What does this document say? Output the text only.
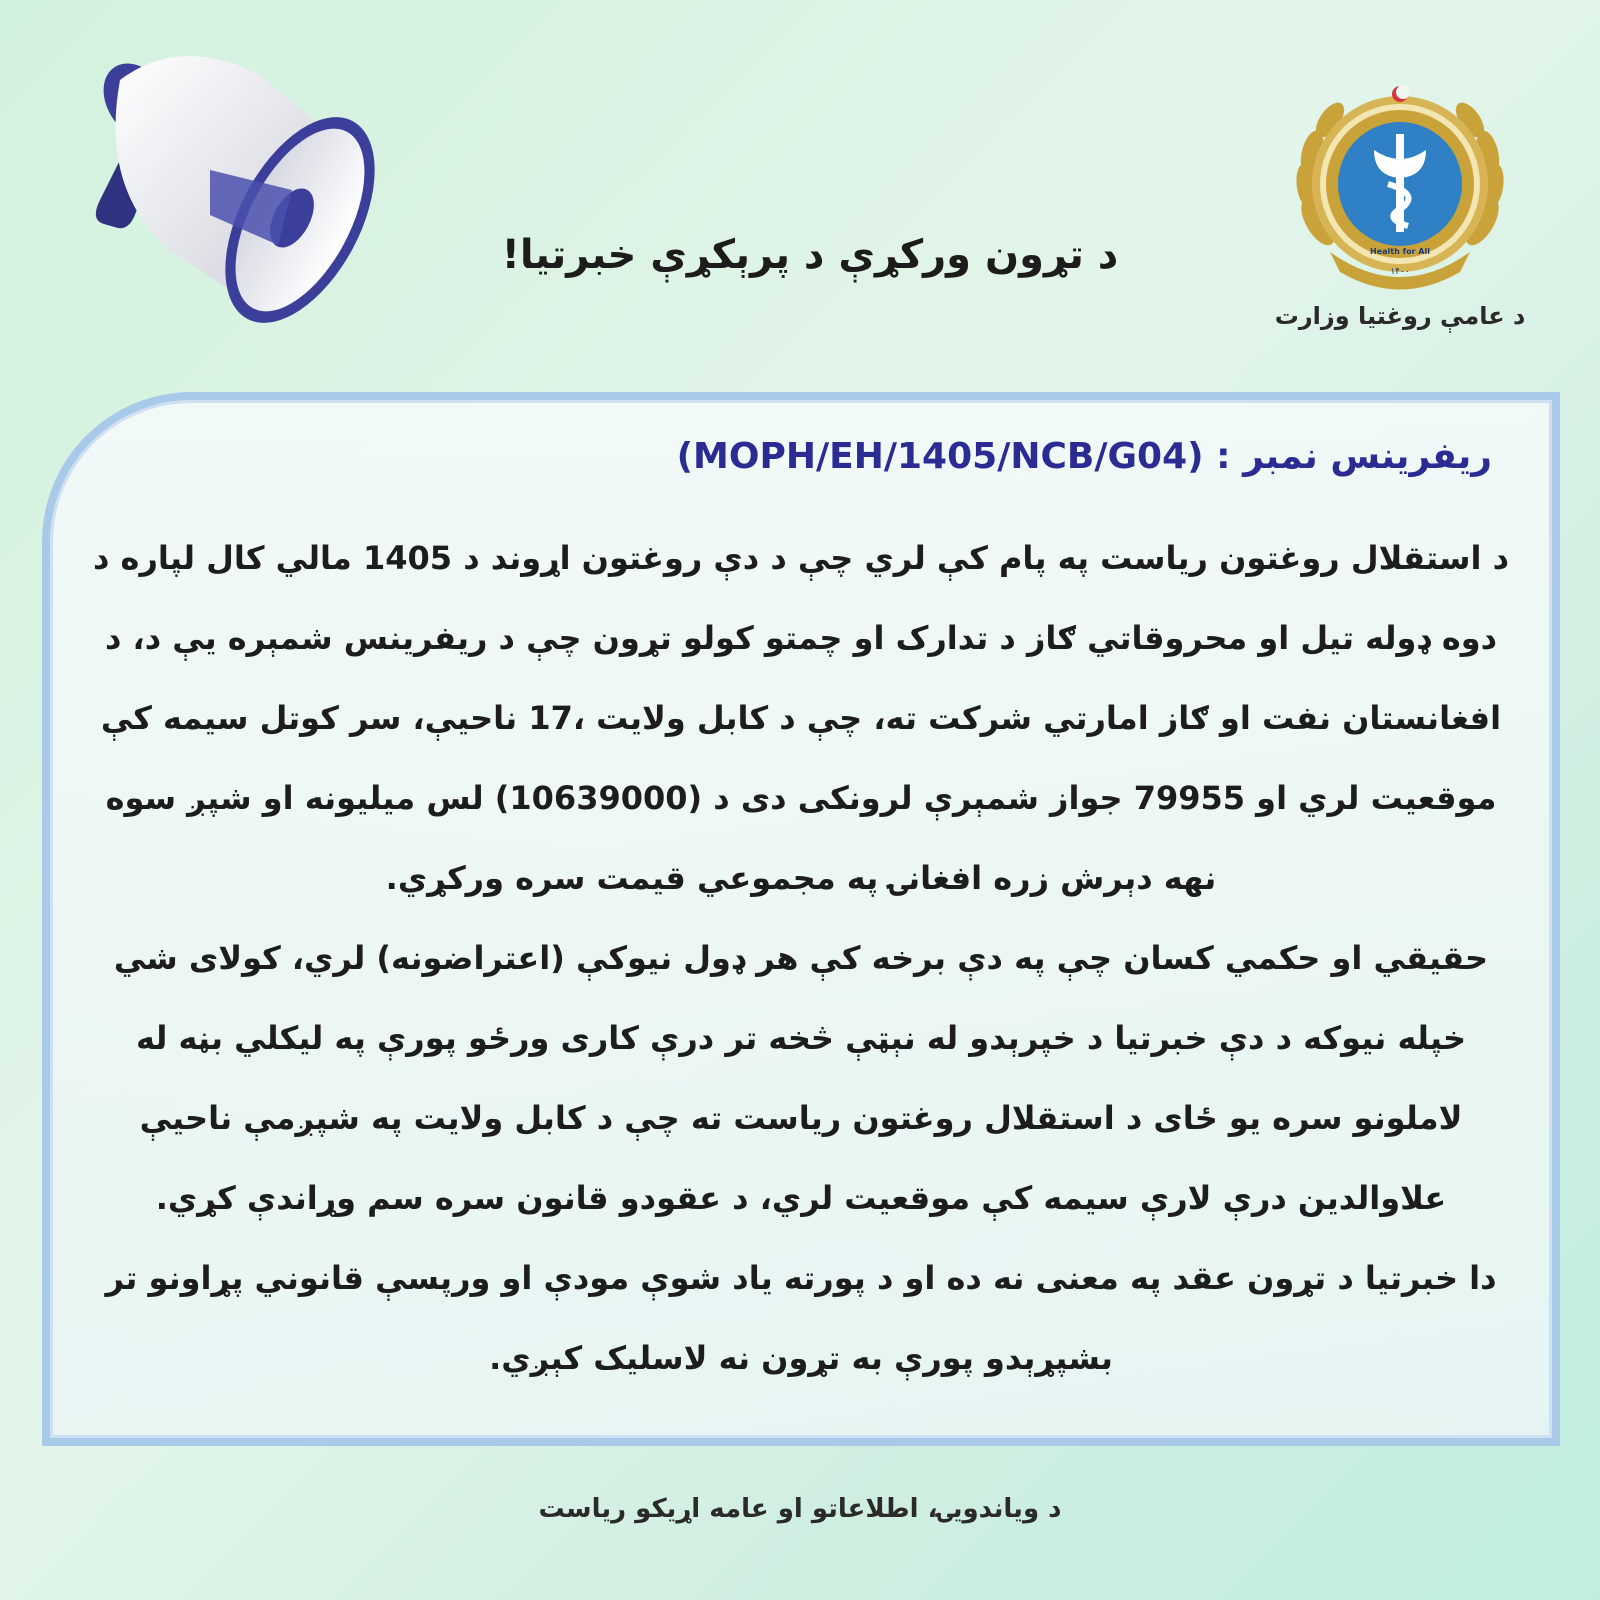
د تړون ورکړې د پرېکړې خبرتیا!	Health for All
۱۴۰۰
د عامې روغتیا وزارت
ریفرینس نمبر : (MOPH/EH/1405/NCB/G04)

د استقلال روغتون ریاست په پام کې لري چې د دې روغتون اړوند د 1405 مالي کال لپاره د دوه ډوله تیل او محروقاتي ګاز د تدارک او چمتو کولو تړون چې د ریفرینس شمېره یې د، د افغانستان نفت او ګاز امارتي شرکت ته، چې د کابل ولایت ،17 ناحیې، سر کوتل سیمه کې موقعیت لري او 79955 جواز شمېرې لرونکی دی د (10639000) لس میلیونه او شپږ سوه نهه دېرش زره افغانۍ په مجموعي قیمت سره ورکړي.

حقیقي او حکمي کسان چې په دې برخه کې هر ډول نیوکې (اعتراضونه) لري، کولای شي خپله نیوکه د دې خبرتیا د خپرېدو له نېټې څخه تر درې کاری ورځو پورې په لیکلي بڼه له لاملونو سره یو ځای د استقلال روغتون ریاست ته چې د کابل ولایت په شپږمې ناحیې علاوالدین درې لارې سیمه کې موقعیت لري، د عقودو قانون سره سم وړاندې کړي.

دا خبرتیا د تړون عقد په معنی نه ده او د پورته یاد شوې مودې او ورپسې قانوني پړاونو تر بشپړېدو پورې به تړون نه لاسلیک کېږي.

د ویاندویۍ، اطلاعاتو او عامه اړیکو ریاست
